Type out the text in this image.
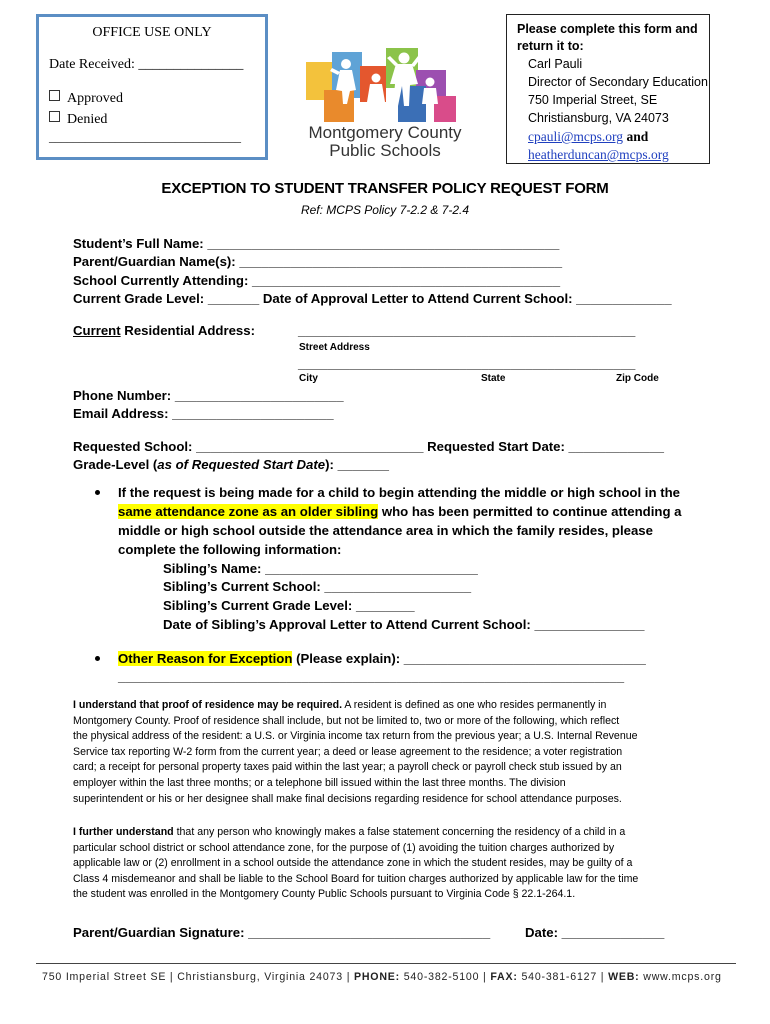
OFFICE USE ONLY
Date Received: _______________
Approved
Denied
________________________________	Montgomery County
Public Schools
Please complete this form and
return it to:
Carl Pauli
Director of Secondary Education
750 Imperial Street, SE
Christiansburg, VA 24073
cpauli@mcps.org and
heatherduncan@mcps.org
EXCEPTION TO STUDENT TRANSFER POLICY REQUEST FORM
Ref: MCPS Policy 7-2.2 & 7-2.4
Student’s Full Name: ________________________________________________
Parent/Guardian Name(s): ____________________________________________
School Currently Attending: __________________________________________
Current Grade Level: _______ Date of Approval Letter to Attend Current School: _____________
Current Residential Address:	______________________________________________
Street Address
______________________________________________
City	State	Zip Code
Phone Number: _______________________
Email Address: ______________________
Requested School: _______________________________ Requested Start Date: _____________
Grade-Level (as of Requested Start Date): _______
If the request is being made for a child to begin attending the middle or high school in the
same attendance zone as an older sibling who has been permitted to continue attending a
middle or high school outside the attendance area in which the family resides, please
complete the following information:
Sibling’s Name: _____________________________
Sibling’s Current School: ____________________
Sibling’s Current Grade Level: ________
Date of Sibling’s Approval Letter to Attend Current School: _______________
Other Reason for Exception (Please explain): _________________________________
_____________________________________________________________________
I understand that proof of residence may be required. A resident is defined as one who resides permanently in
Montgomery County. Proof of residence shall include, but not be limited to, two or more of the following, which reflect
the physical address of the resident: a U.S. or Virginia income tax return from the previous year; a U.S. Internal Revenue
Service tax reporting W-2 form from the current year; a deed or lease agreement to the residence; a voter registration
card; a receipt for personal property taxes paid within the last year; a payroll check or payroll check stub issued by an
employer within the last three months; or a telephone bill issued within the last three months. The division
superintendent or his or her designee shall make final decisions regarding residence for school attendance purposes.
I further understand that any person who knowingly makes a false statement concerning the residency of a child in a
particular school district or school attendance zone, for the purpose of (1) avoiding the tuition charges authorized by
applicable law or (2) enrollment in a school outside the attendance zone in which the student resides, may be guilty of a
Class 4 misdemeanor and shall be liable to the School Board for tuition charges authorized by applicable law for the time
the student was enrolled in the Montgomery County Public Schools pursuant to Virginia Code § 22.1-264.1.
Parent/Guardian Signature: _________________________________	Date: ______________
750 Imperial Street SE | Christiansburg, Virginia 24073 | PHONE: 540-382-5100 | FAX: 540-381-6127 | WEB: www.mcps.org
